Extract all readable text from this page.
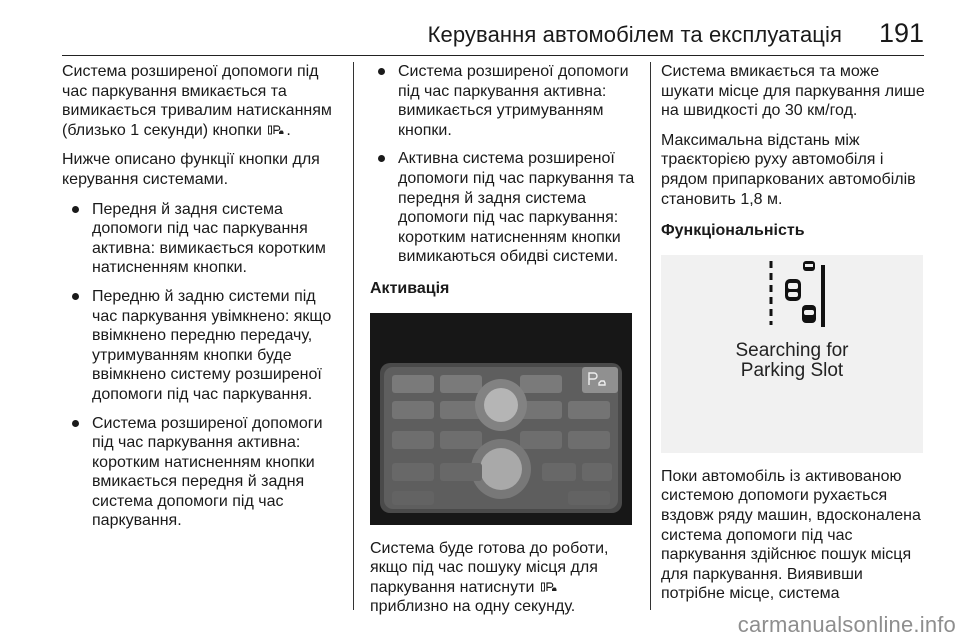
Керування автомобілем та експлуатація 191

Система розширеної допомоги під час паркування вмикається та вимикається тривалим натисканням (близько 1 секунди) кнопки .

Нижче описано функції кнопки для керування системами.

Передня й задня система допомоги під час паркування активна: вимикається коротким натисненням кнопки.
Передню й задню системи під час паркування увімкнено: якщо ввімкнено передню передачу, утримуванням кнопки буде ввімкнено систему розширеної допомоги під час паркування.
Система розширеної допомоги під час паркування активна: коротким натисненням кнопки вмикається передня й задня система допомоги під час паркування.
Система розширеної допомоги під час паркування активна: вимикається утримуванням кнопки.
Активна система розширеної допомоги під час паркування та передня й задня система допомоги під час паркування: коротким натисненням кнопки вимикаються обидві системи.
Активація

Система буде готова до роботи, якщо під час пошуку місця для паркування натиснути  приблизно на одну секунду.

Система вмикається та може шукати місце для паркування лише на швидкості до 30 км/год.

Максимальна відстань між траєкторією руху автомобіля і рядом припаркованих автомобілів становить 1,8 м.

Функціональність
Searching for
Parking Slot

Поки автомобіль із активованою системою допомоги рухається вздовж ряду машин, вдосконалена система допомоги під час паркування здійснює пошук місця для паркування. Виявивши потрібне місце, система

carmanualsonline.info
